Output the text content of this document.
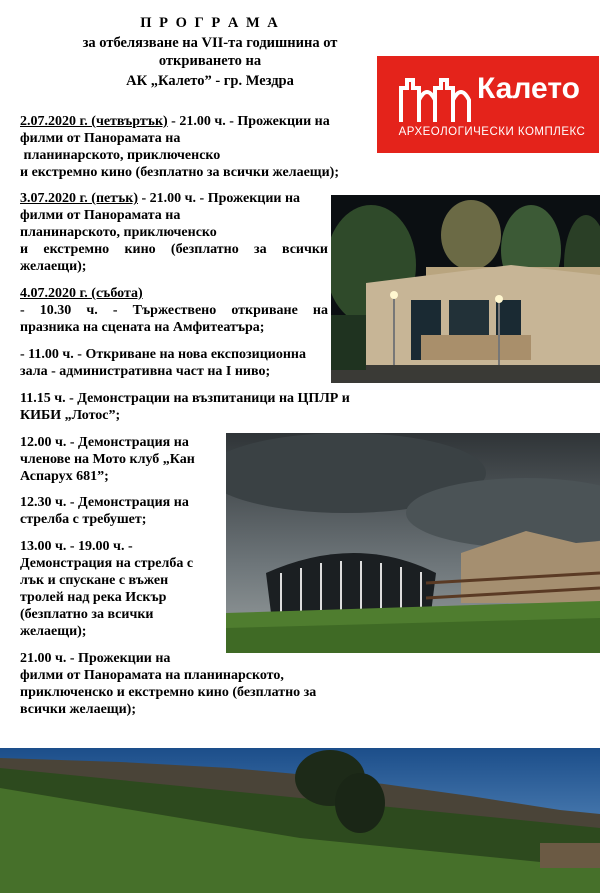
П Р О Г Р А М А
за отбелязване на VII-та годишнина от
откриването на
АК „Калето” - гр. Мездра	Калето
АРХЕОЛОГИЧЕСКИ КОМПЛЕКС
2.07.2020 г. (четвъртък) - 21.00 ч. - Прожекции на
филми от Панорамата на
планинарското, приключенско
и екстремно кино (безплатно за всички желаещи);
3.07.2020 г. (петък) - 21.00 ч. - Прожекции на
филми от Панорамата на
планинарското, приключенско
и екстремно кино (безплатно за всички
желаещи);
4.07.2020 г. (събота)
- 10.30 ч. - Тържествено откриване на
празника на сцената на Амфитеатъра;
- 11.00 ч. - Откриване на нова експозиционна
зала - административна част на I ниво;
11.15 ч. - Демонстрации на възпитаници на ЦПЛР и
КИБИ „Лотос”;
12.00 ч. - Демонстрация на
членове на Мото клуб „Кан
Аспарух 681”;
12.30 ч. - Демонстрация на
стрелба с требушет;
13.00 ч. - 19.00 ч. -
Демонстрация на стрелба с
лък и спускане с въжен
тролей над река Искър
(безплатно за всички
желаещи);
21.00 ч. - Прожекции на
филми от Панорамата на планинарското,
приключенско и екстремно кино (безплатно за
всички желаещи);
